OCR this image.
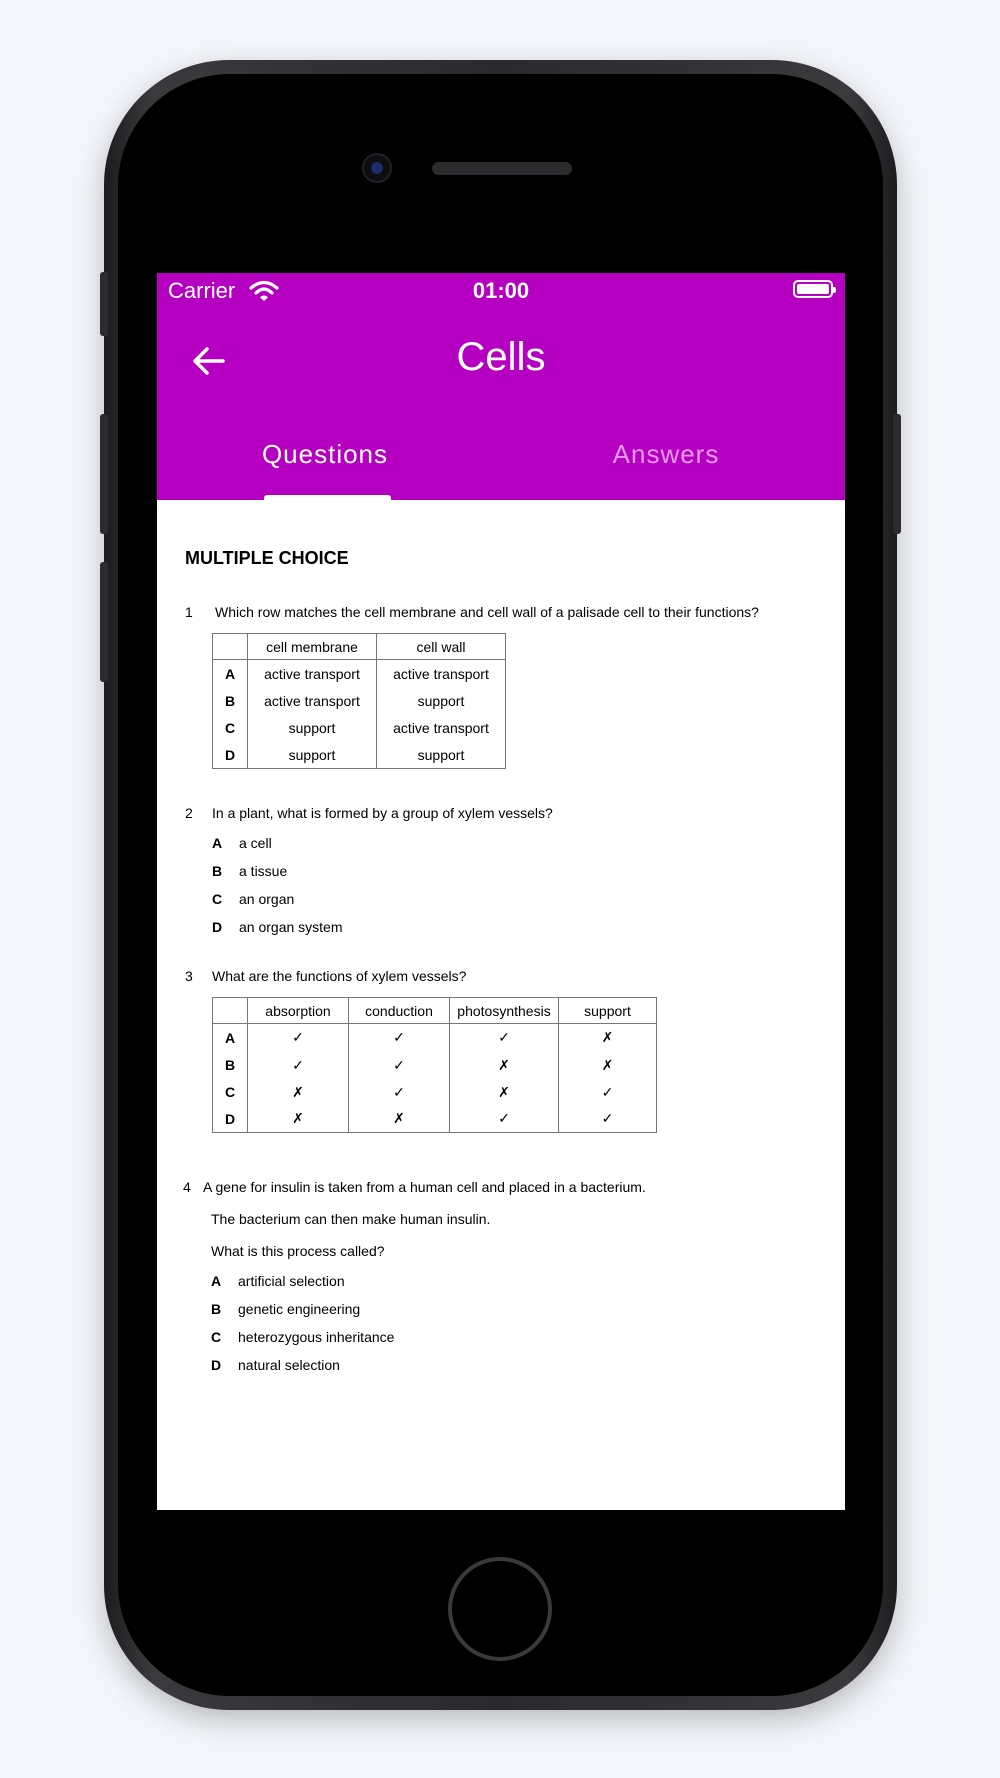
Carrier	01:00
Cells
Questions	Answers
MULTIPLE CHOICE
1 Which row matches the cell membrane and cell wall of a palisade cell to their functions?
	cell membrane	cell wall
A	active transport	active transport
B	active transport	support
C	support	active transport
D	support	support
2 In a plant, what is formed by a group of xylem vessels?
A a cell
B a tissue
C an organ
D an organ system
3 What are the functions of xylem vessels?
	absorption	conduction	photosynthesis	support
A	✓	✓	✓	✗
B	✓	✓	✗	✗
C	✗	✓	✗	✓
D	✗	✗	✓	✓
4 A gene for insulin is taken from a human cell and placed in a bacterium.
The bacterium can then make human insulin.
What is this process called?
A artificial selection
B genetic engineering
C heterozygous inheritance
D natural selection
